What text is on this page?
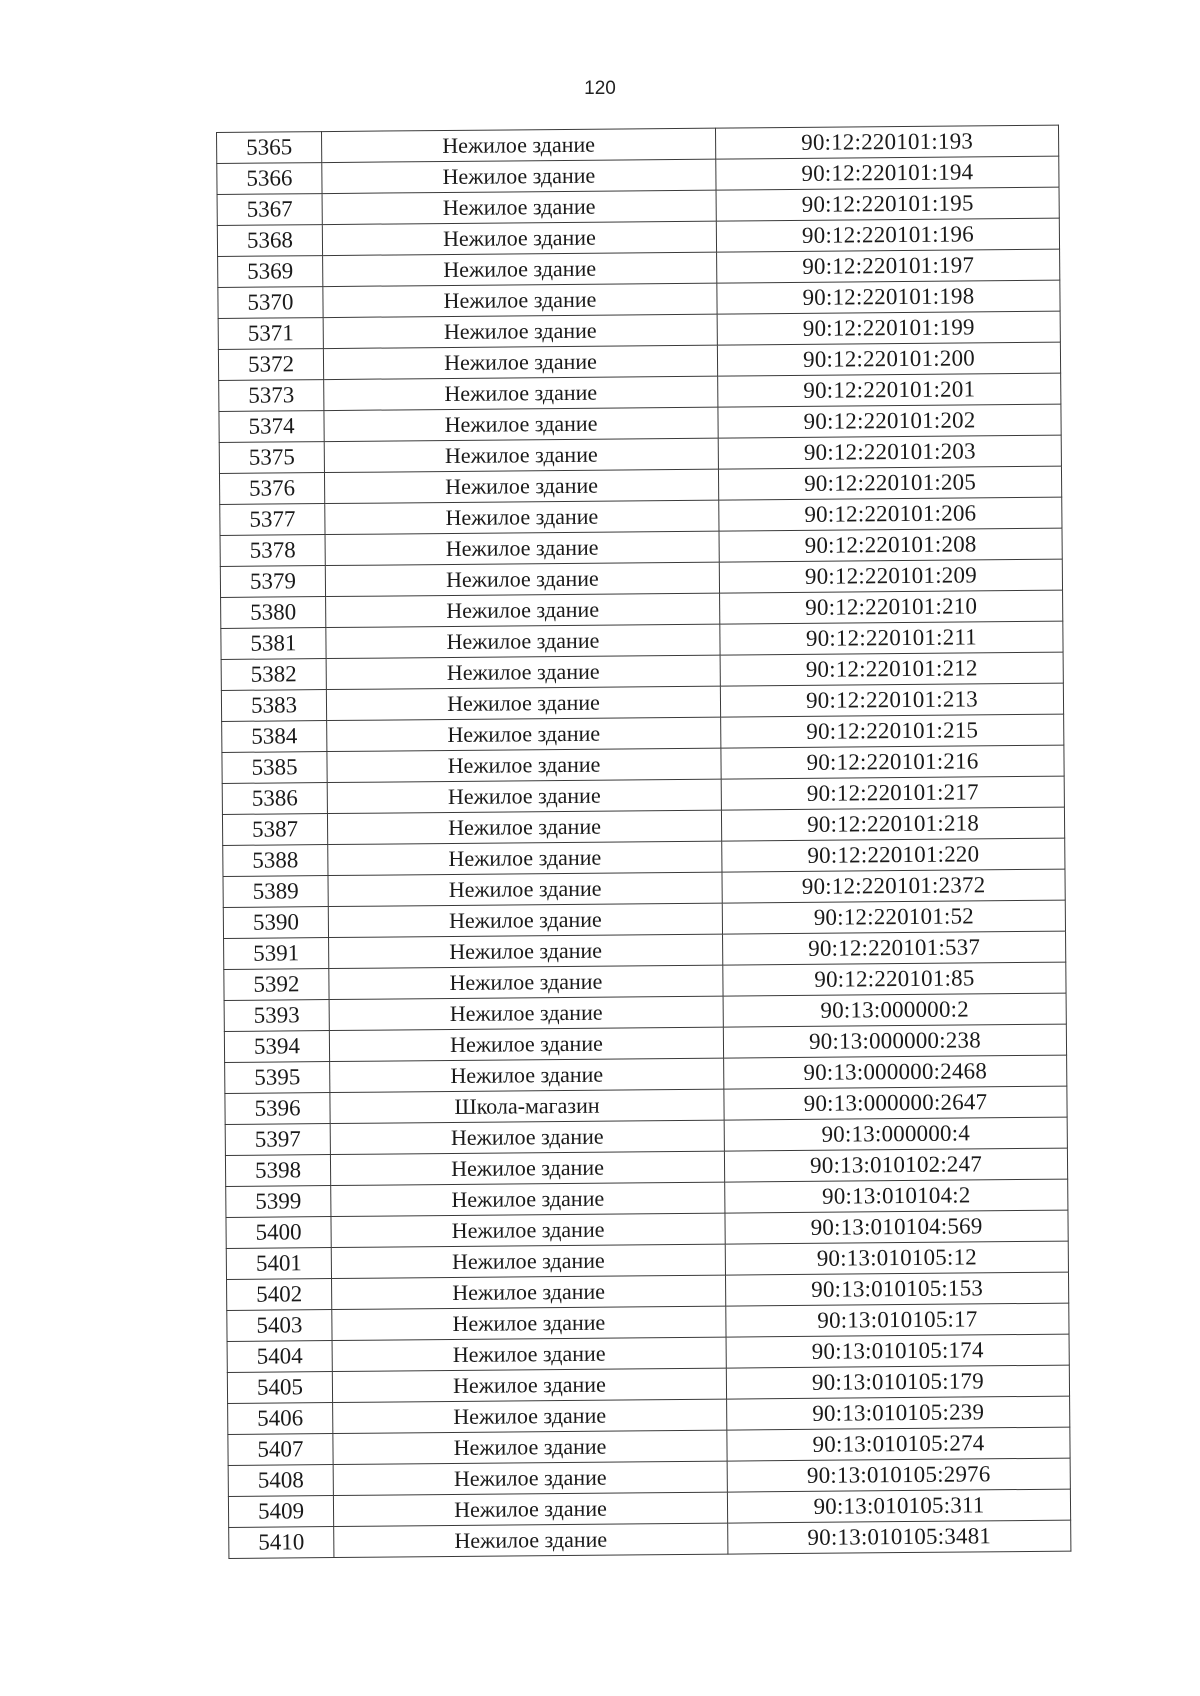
120
5365	Нежилое здание	90:12:220101:193
5366	Нежилое здание	90:12:220101:194
5367	Нежилое здание	90:12:220101:195
5368	Нежилое здание	90:12:220101:196
5369	Нежилое здание	90:12:220101:197
5370	Нежилое здание	90:12:220101:198
5371	Нежилое здание	90:12:220101:199
5372	Нежилое здание	90:12:220101:200
5373	Нежилое здание	90:12:220101:201
5374	Нежилое здание	90:12:220101:202
5375	Нежилое здание	90:12:220101:203
5376	Нежилое здание	90:12:220101:205
5377	Нежилое здание	90:12:220101:206
5378	Нежилое здание	90:12:220101:208
5379	Нежилое здание	90:12:220101:209
5380	Нежилое здание	90:12:220101:210
5381	Нежилое здание	90:12:220101:211
5382	Нежилое здание	90:12:220101:212
5383	Нежилое здание	90:12:220101:213
5384	Нежилое здание	90:12:220101:215
5385	Нежилое здание	90:12:220101:216
5386	Нежилое здание	90:12:220101:217
5387	Нежилое здание	90:12:220101:218
5388	Нежилое здание	90:12:220101:220
5389	Нежилое здание	90:12:220101:2372
5390	Нежилое здание	90:12:220101:52
5391	Нежилое здание	90:12:220101:537
5392	Нежилое здание	90:12:220101:85
5393	Нежилое здание	90:13:000000:2
5394	Нежилое здание	90:13:000000:238
5395	Нежилое здание	90:13:000000:2468
5396	Школа-магазин	90:13:000000:2647
5397	Нежилое здание	90:13:000000:4
5398	Нежилое здание	90:13:010102:247
5399	Нежилое здание	90:13:010104:2
5400	Нежилое здание	90:13:010104:569
5401	Нежилое здание	90:13:010105:12
5402	Нежилое здание	90:13:010105:153
5403	Нежилое здание	90:13:010105:17
5404	Нежилое здание	90:13:010105:174
5405	Нежилое здание	90:13:010105:179
5406	Нежилое здание	90:13:010105:239
5407	Нежилое здание	90:13:010105:274
5408	Нежилое здание	90:13:010105:2976
5409	Нежилое здание	90:13:010105:311
5410	Нежилое здание	90:13:010105:3481
